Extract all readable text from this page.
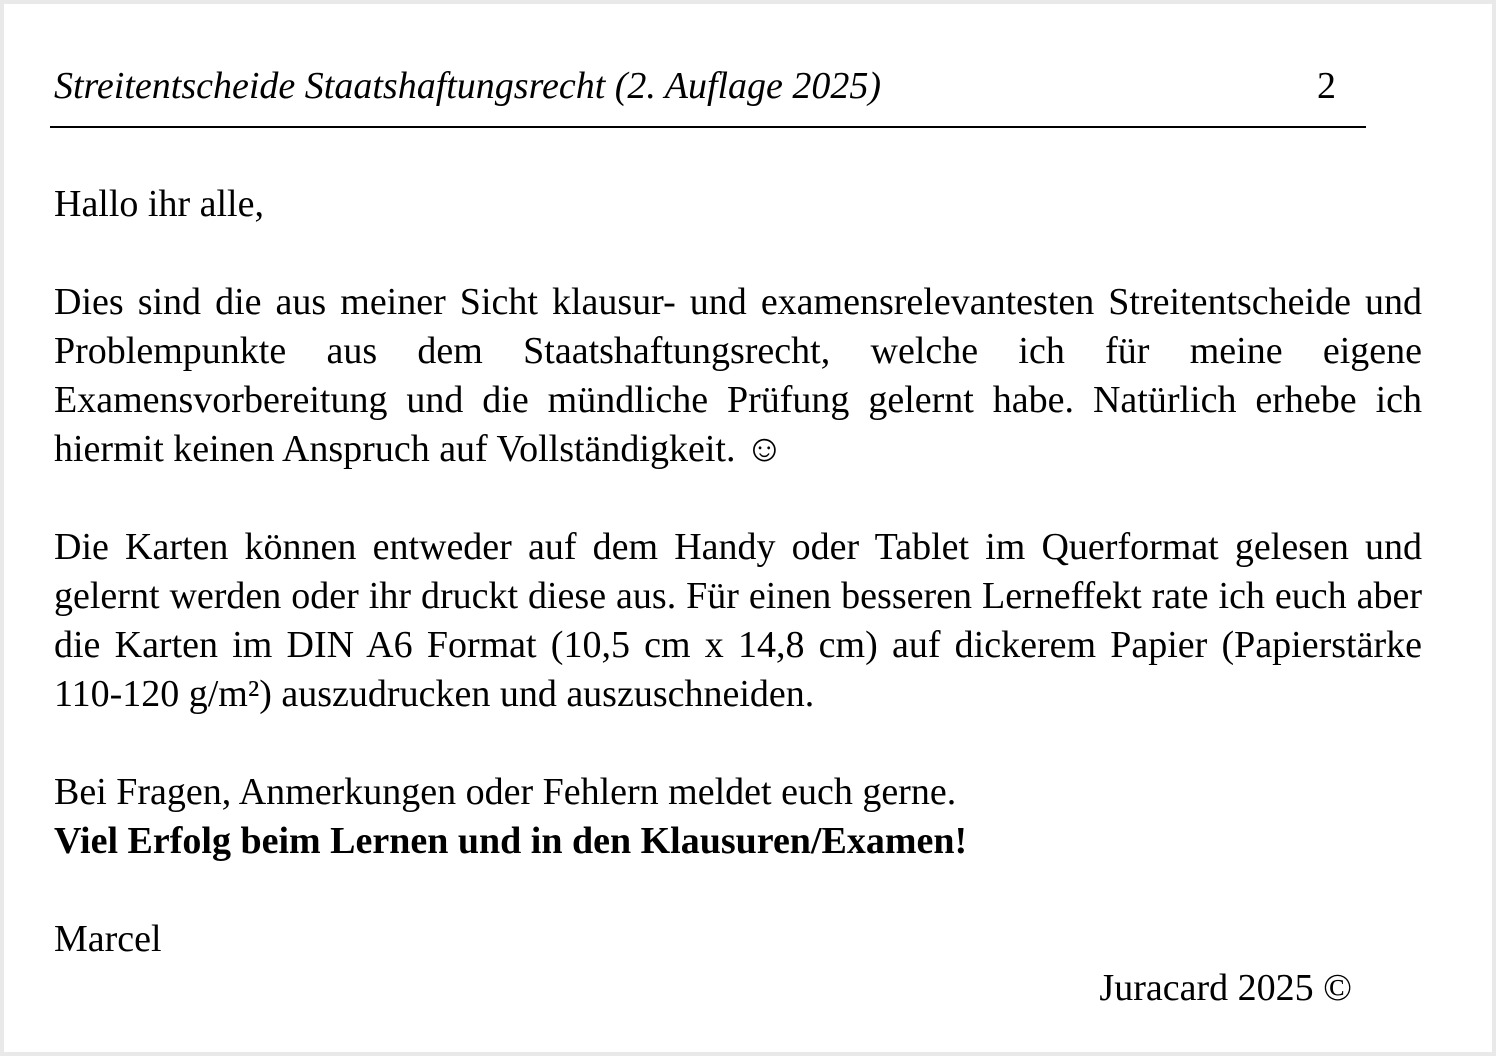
Streitentscheide Staatshaftungsrecht (2. Auflage 2025)	2

Hallo ihr alle,

Dies sind die aus meiner Sicht klausur- und examensrelevantesten Streitentscheide und Problempunkte aus dem Staatshaftungsrecht, welche ich für meine eigene Examensvorbereitung und die mündliche Prüfung gelernt habe. Natürlich erhebe ich hiermit keinen Anspruch auf Vollständigkeit. ☺

Die Karten können entweder auf dem Handy oder Tablet im Querformat gelesen und gelernt werden oder ihr druckt diese aus. Für einen besseren Lerneffekt rate ich euch aber die Karten im DIN A6 Format (10,5 cm x 14,8 cm) auf dickerem Papier (Papierstärke 110-120 g/m²) auszudrucken und auszuschneiden.

Bei Fragen, Anmerkungen oder Fehlern meldet euch gerne.

Viel Erfolg beim Lernen und in den Klausuren/Examen!

Marcel

Juracard 2025 ©
